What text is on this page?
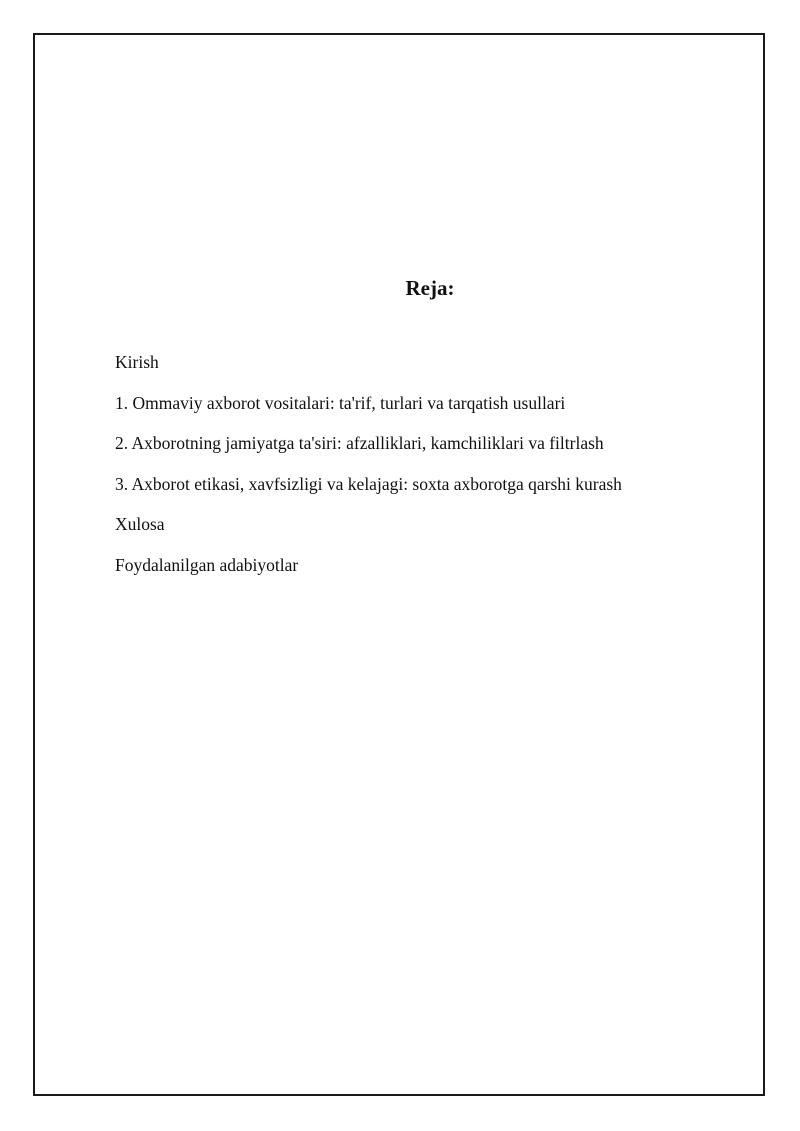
Reja:
Kirish
1. Ommaviy axborot vositalari: ta'rif, turlari va tarqatish usullari
2. Axborotning jamiyatga ta'siri: afzalliklari, kamchiliklari va filtrlash
3. Axborot etikasi, xavfsizligi va kelajagi: soxta axborotga qarshi kurash
Xulosa
Foydalanilgan adabiyotlar
